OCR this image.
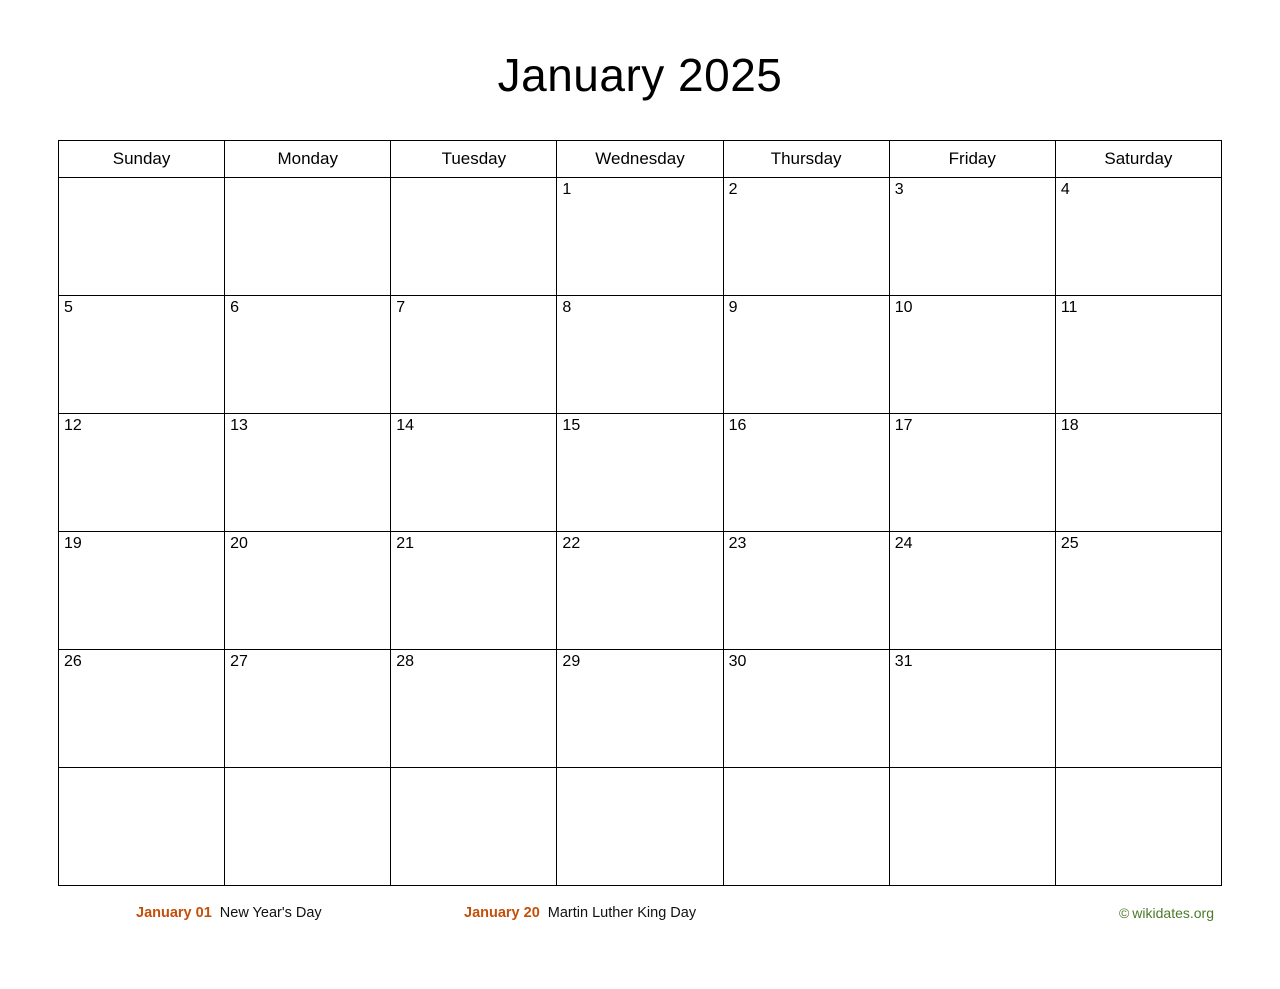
January 2025
Sunday	Monday	Tuesday	Wednesday	Thursday	Friday	Saturday

			1	2	3	4

5	6	7	8	9	10	11

12	13	14	15	16	17	18

19	20	21	22	23	24	25

26	27	28	29	30	31	

January 01 New Year's Day	January 20 Martin Luther King Day	© wikidates.org
